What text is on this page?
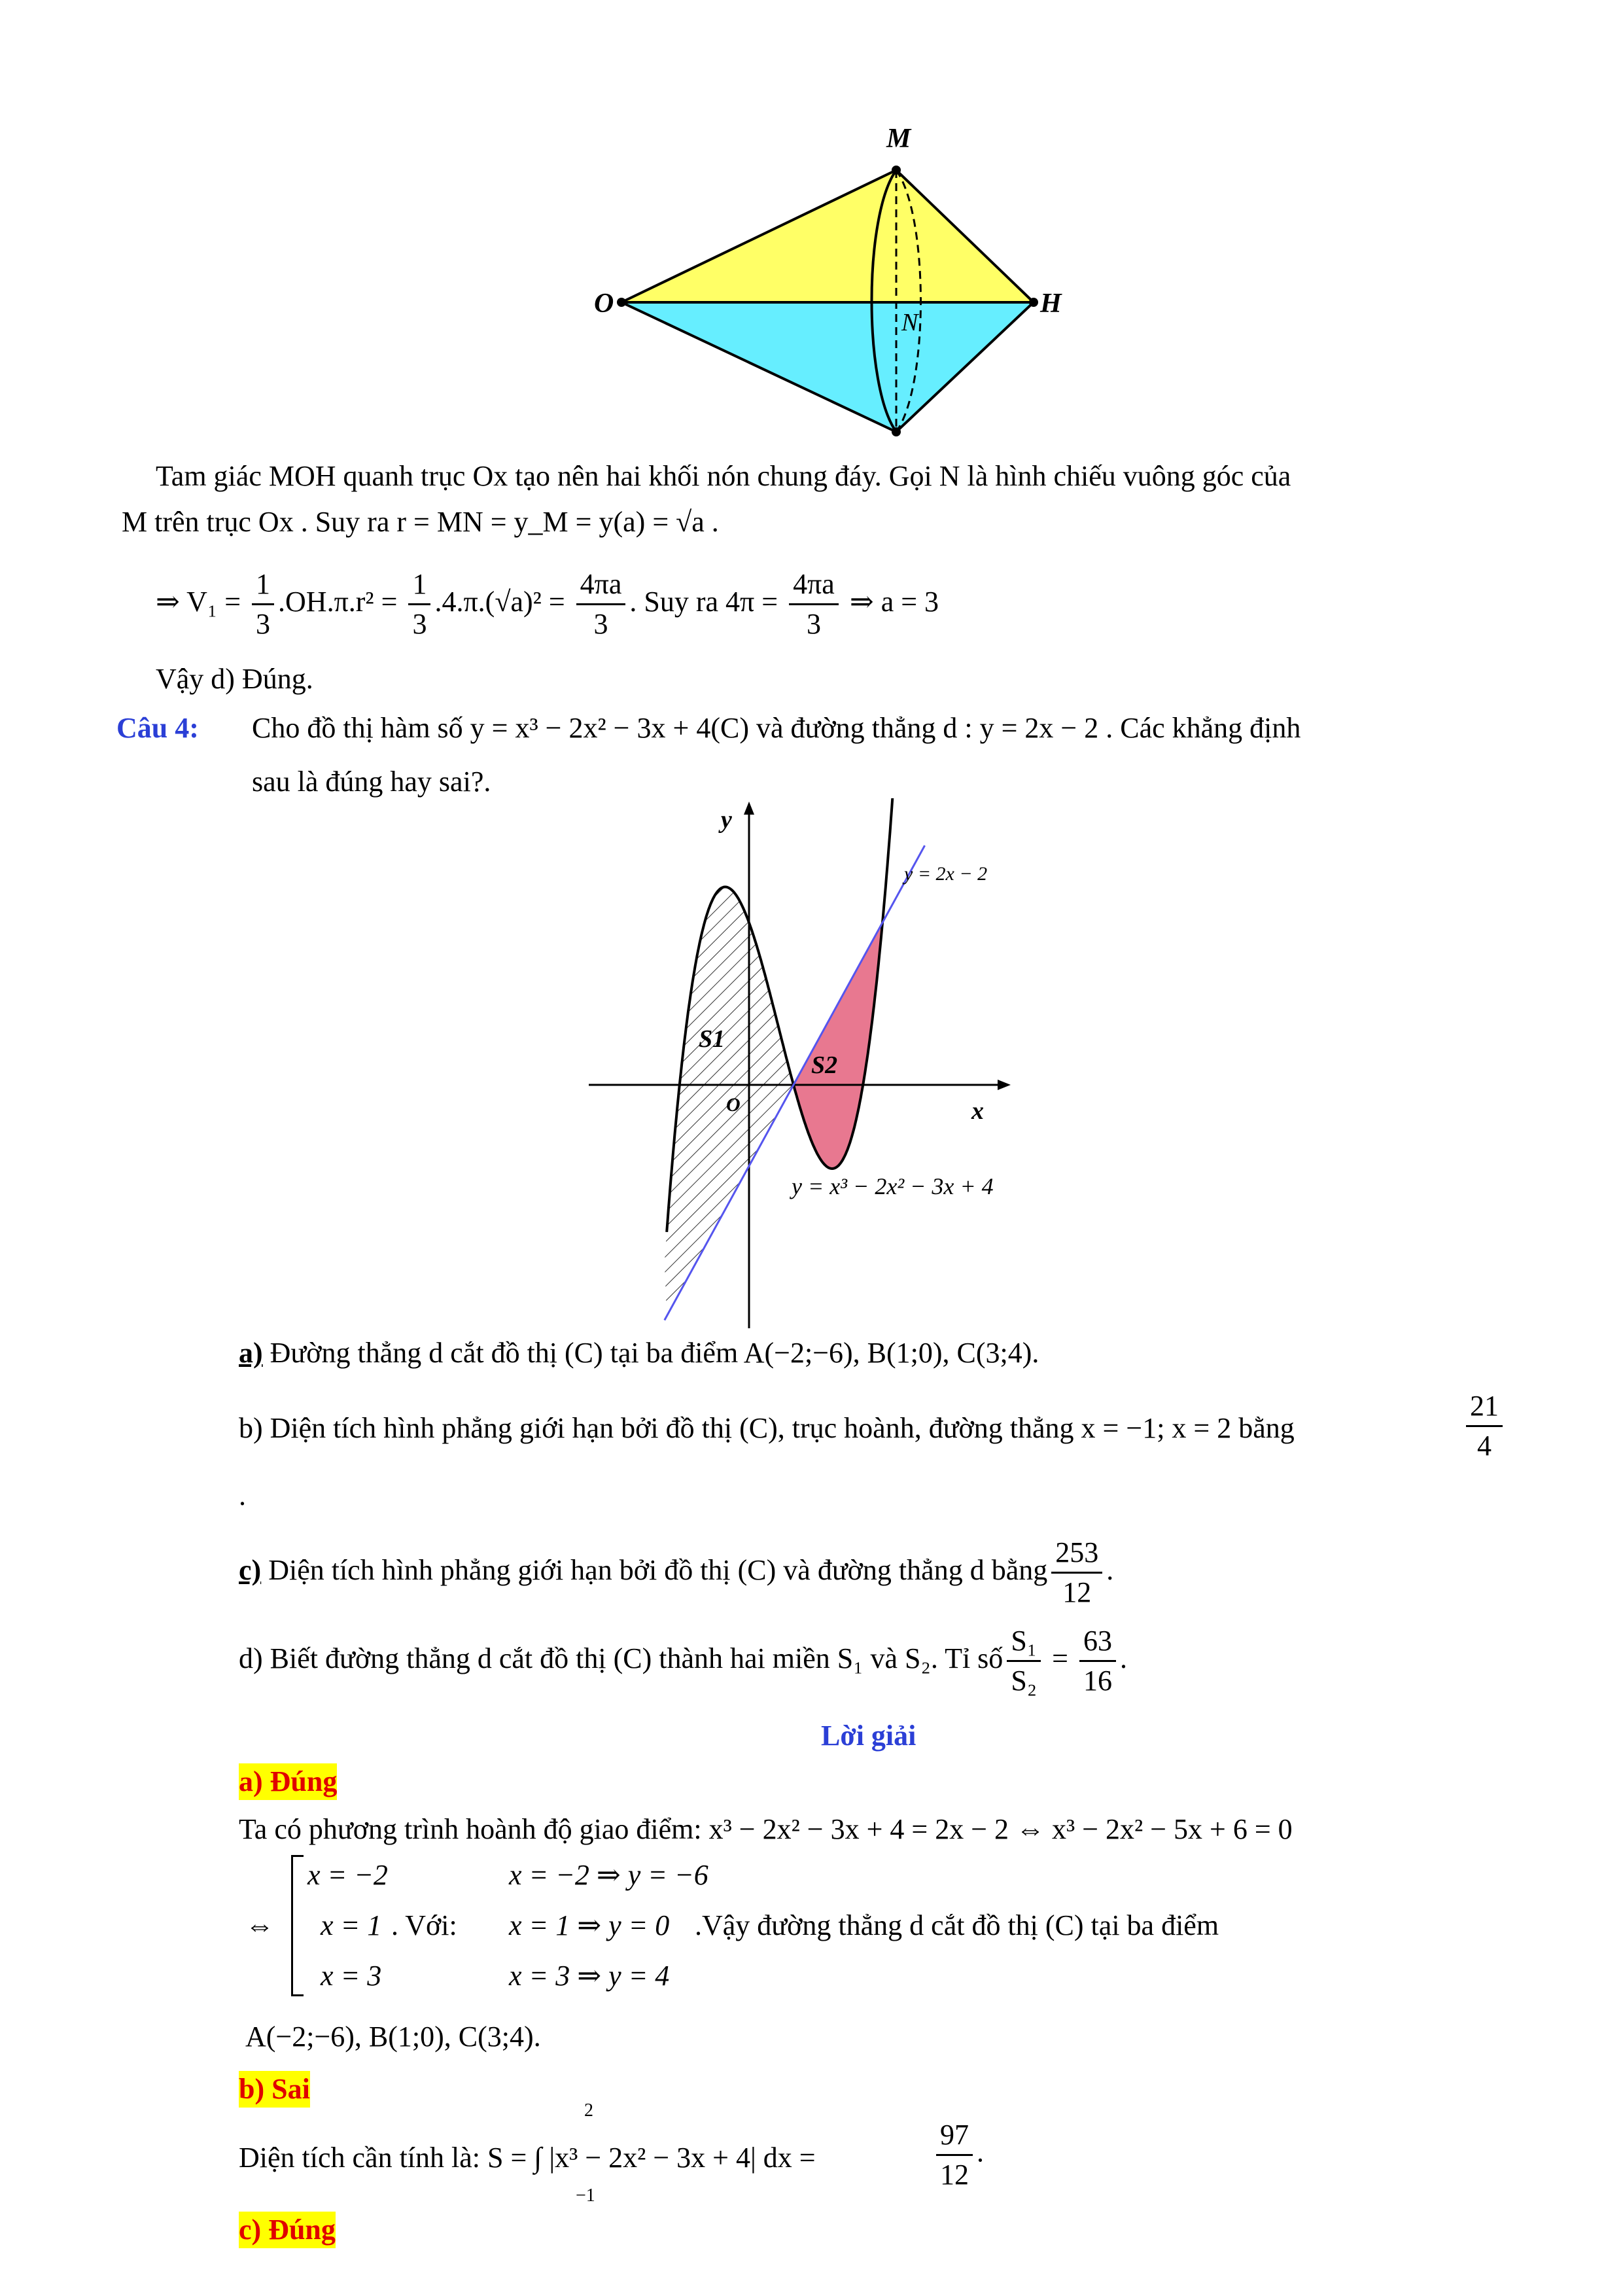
M
O	H
N
Tam giác MOH quanh trục Ox tạo nên hai khối nón chung đáy. Gọi N là hình chiếu vuông góc của
M trên trục Ox . Suy ra r = MN = y_M = y(a) = √a .
⇒ $V_1 = \frac{1}{3} .OH.\pi.r^2 = \frac{1}{3} .4.\pi.(√a)^2 = \frac{4\pi a}{3}$ . Suy ra $4\pi = \frac{4\pi a}{3}$ ⇒ a = 3
Vậy d) Đúng.
Câu 4: Cho đồ thị hàm số y = x³ − 2x² − 3x + 4(C) và đường thẳng d : y = 2x − 2 . Các khẳng định
sau là đúng hay sai?.
y
x
O
S1
S2
y = 2x − 2
y = x³ − 2x² − 3x + 4
a) Đường thẳng d cắt đồ thị (C) tại ba điểm A(−2;−6), B(1;0), C(3;4).
b) Diện tích hình phẳng giới hạn bởi đồ thị (C), trục hoành, đường thẳng x = −1; x = 2 bằng	$\frac{21}{4}$
.
c) Diện tích hình phẳng giới hạn bởi đồ thị (C) và đường thẳng d bằng $\frac{253}{12}$ .
d) Biết đường thẳng d cắt đồ thị (C) thành hai miền S₁ và S₂. Tỉ số $\frac{\text{S₁}}{\text{S₂}} = \frac{63}{16}$ .
Lời giải
a) Đúng
Ta có phương trình hoành độ giao điểm: x³ − 2x² − 3x + 4 = 2x − 2 ⇔ x³ − 2x² − 5x + 6 = 0
⇔
x = −2
x = 1
x = 3
. Với:
x = −2 ⇒ y = −6
x = 1 ⇒ y = 0
x = 3 ⇒ y = 4
.Vậy đường thẳng d cắt đồ thị (C) tại ba điểm
A(−2;−6), B(1;0), C(3;4).
b) Sai
Diện tích cần tính là: S = ∫ |x³ − 2x² − 3x + 4| dx =
2
−1
$\frac{97}{12}$ .
c) Đúng
